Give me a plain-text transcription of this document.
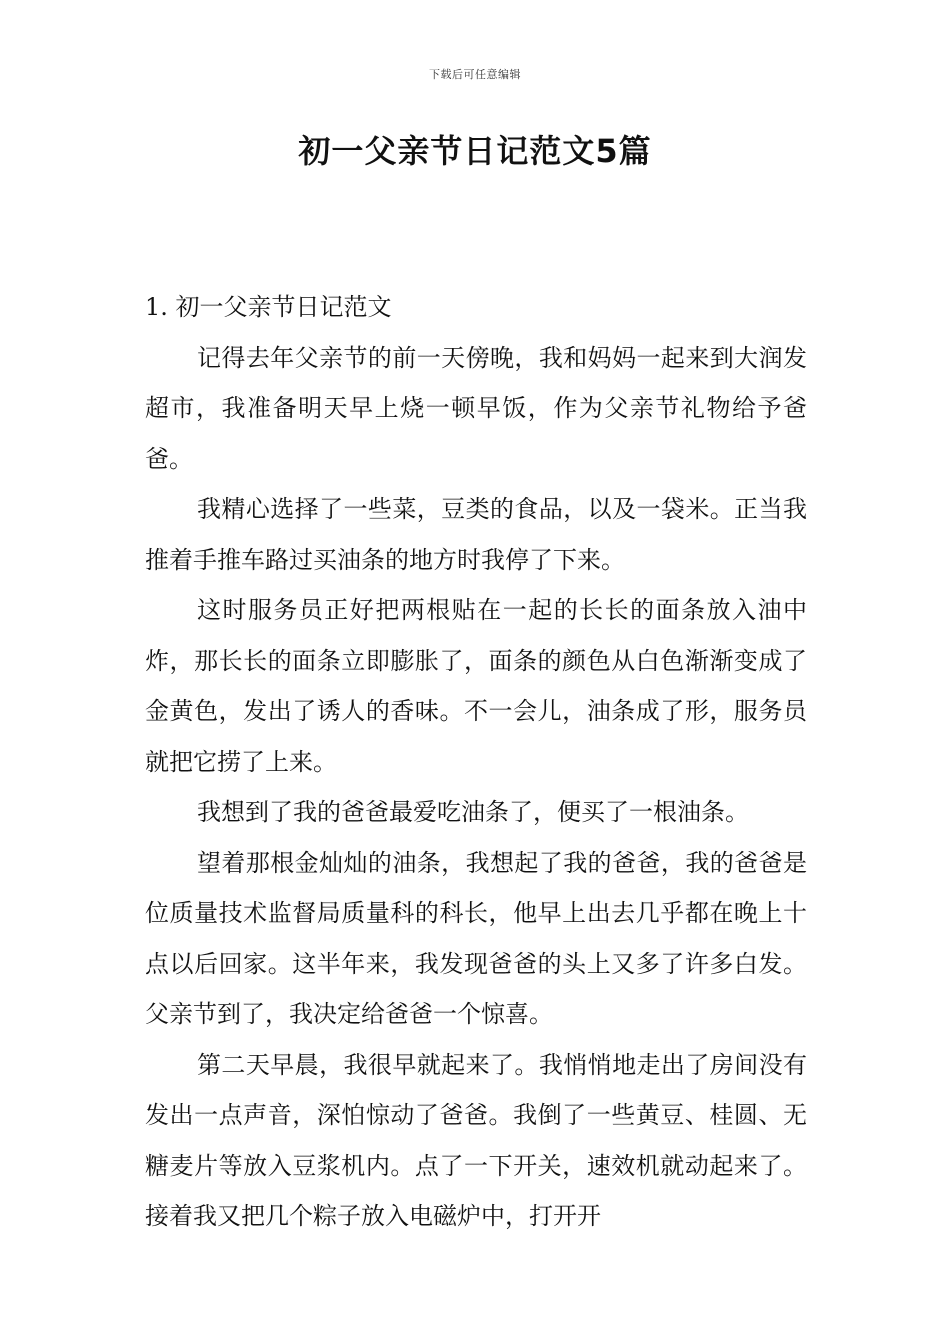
下载后可任意编辑
初一父亲节日记范文5篇

1. 初一父亲节日记范文

记得去年父亲节的前一天傍晚，我和妈妈一起来到大润发超市，我准备明天早上烧一顿早饭，作为父亲节礼物给予爸爸。

我精心选择了一些菜，豆类的食品，以及一袋米。正当我推着手推车路过买油条的地方时我停了下来。

这时服务员正好把两根贴在一起的长长的面条放入油中炸，那长长的面条立即膨胀了，面条的颜色从白色渐渐变成了金黄色，发出了诱人的香味。不一会儿，油条成了形，服务员就把它捞了上来。

我想到了我的爸爸最爱吃油条了，便买了一根油条。

望着那根金灿灿的油条，我想起了我的爸爸，我的爸爸是位质量技术监督局质量科的科长，他早上出去几乎都在晚上十点以后回家。这半年来，我发现爸爸的头上又多了许多白发。父亲节到了，我决定给爸爸一个惊喜。

第二天早晨，我很早就起来了。我悄悄地走出了房间没有发出一点声音，深怕惊动了爸爸。我倒了一些黄豆、桂圆、无糖麦片等放入豆浆机内。点了一下开关，速效机就动起来了。接着我又把几个粽子放入电磁炉中，打开开
